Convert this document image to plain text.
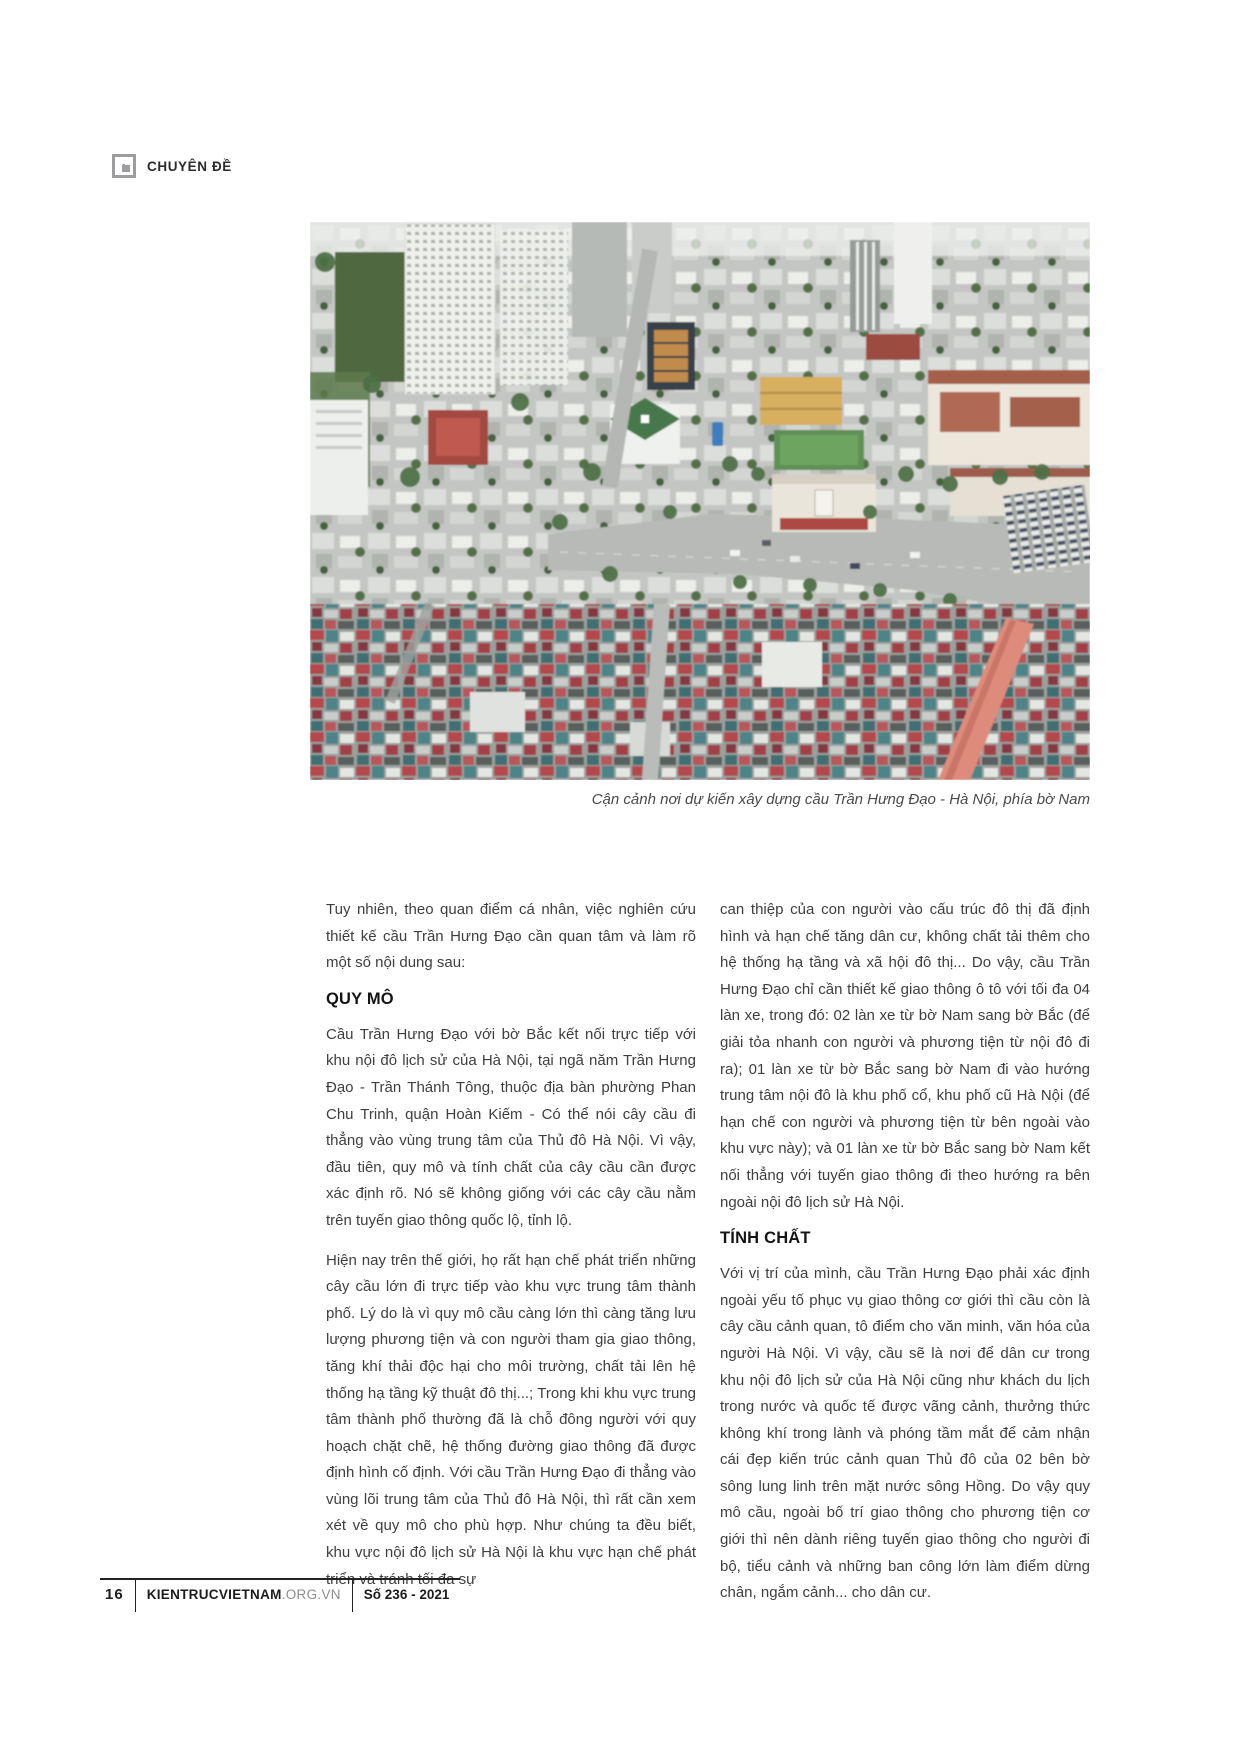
CHUYÊN ĐỀ
Cận cảnh nơi dự kiến xây dựng cầu Trần Hưng Đạo - Hà Nội, phía bờ Nam

Tuy nhiên, theo quan điểm cá nhân, việc nghiên cứu thiết kế cầu Trần Hưng Đạo cần quan tâm và làm rõ một số nội dung sau:

QUY MÔ

Cầu Trần Hưng Đạo với bờ Bắc kết nối trực tiếp với khu nội đô lịch sử của Hà Nội, tại ngã năm Trần Hưng Đạo - Trần Thánh Tông, thuộc địa bàn phường Phan Chu Trinh, quận Hoàn Kiếm - Có thể nói cây cầu đi thẳng vào vùng trung tâm của Thủ đô Hà Nội. Vì vậy, đầu tiên, quy mô và tính chất của cây cầu cần được xác định rõ. Nó sẽ không giống với các cây cầu nằm trên tuyến giao thông quốc lộ, tỉnh lộ.

Hiện nay trên thế giới, họ rất hạn chế phát triển những cây cầu lớn đi trực tiếp vào khu vực trung tâm thành phố. Lý do là vì quy mô cầu càng lớn thì càng tăng lưu lượng phương tiện và con người tham gia giao thông, tăng khí thải độc hại cho môi trường, chất tải lên hệ thống hạ tầng kỹ thuật đô thị...; Trong khi khu vực trung tâm thành phố thường đã là chỗ đông người với quy hoạch chặt chẽ, hệ thống đường giao thông đã được định hình cố định. Với cầu Trần Hưng Đạo đi thẳng vào vùng lõi trung tâm của Thủ đô Hà Nội, thì rất cần xem xét về quy mô cho phù hợp. Như chúng ta đều biết, khu vực nội đô lịch sử Hà Nội là khu vực hạn chế phát triển và tránh tối đa sự

can thiệp của con người vào cấu trúc đô thị đã định hình và hạn chế tăng dân cư, không chất tải thêm cho hệ thống hạ tầng và xã hội đô thị... Do vậy, cầu Trần Hưng Đạo chỉ cần thiết kế giao thông ô tô với tối đa 04 làn xe, trong đó: 02 làn xe từ bờ Nam sang bờ Bắc (để giải tỏa nhanh con người và phương tiện từ nội đô đi ra); 01 làn xe từ bờ Bắc sang bờ Nam đi vào hướng trung tâm nội đô là khu phố cổ, khu phố cũ Hà Nội (để hạn chế con người và phương tiện từ bên ngoài vào khu vực này); và 01 làn xe từ bờ Bắc sang bờ Nam kết nối thẳng với tuyến giao thông đi theo hướng ra bên ngoài nội đô lịch sử Hà Nội.

TÍNH CHẤT

Với vị trí của mình, cầu Trần Hưng Đạo phải xác định ngoài yếu tố phục vụ giao thông cơ giới thì cầu còn là cây cầu cảnh quan, tô điểm cho văn minh, văn hóa của người Hà Nội. Vì vậy, cầu sẽ là nơi để dân cư trong khu nội đô lịch sử của Hà Nội cũng như khách du lịch trong nước và quốc tế được vãng cảnh, thưởng thức không khí trong lành và phóng tầm mắt để cảm nhận cái đẹp kiến trúc cảnh quan Thủ đô của 02 bên bờ sông lung linh trên mặt nước sông Hồng. Do vậy quy mô cầu, ngoài bố trí giao thông cho phương tiện cơ giới thì nên dành riêng tuyến giao thông cho người đi bộ, tiểu cảnh và những ban công lớn làm điểm dừng chân, ngắm cảnh... cho dân cư.

16 KIENTRUCVIETNAM .ORG.VN Số 236 - 2021
